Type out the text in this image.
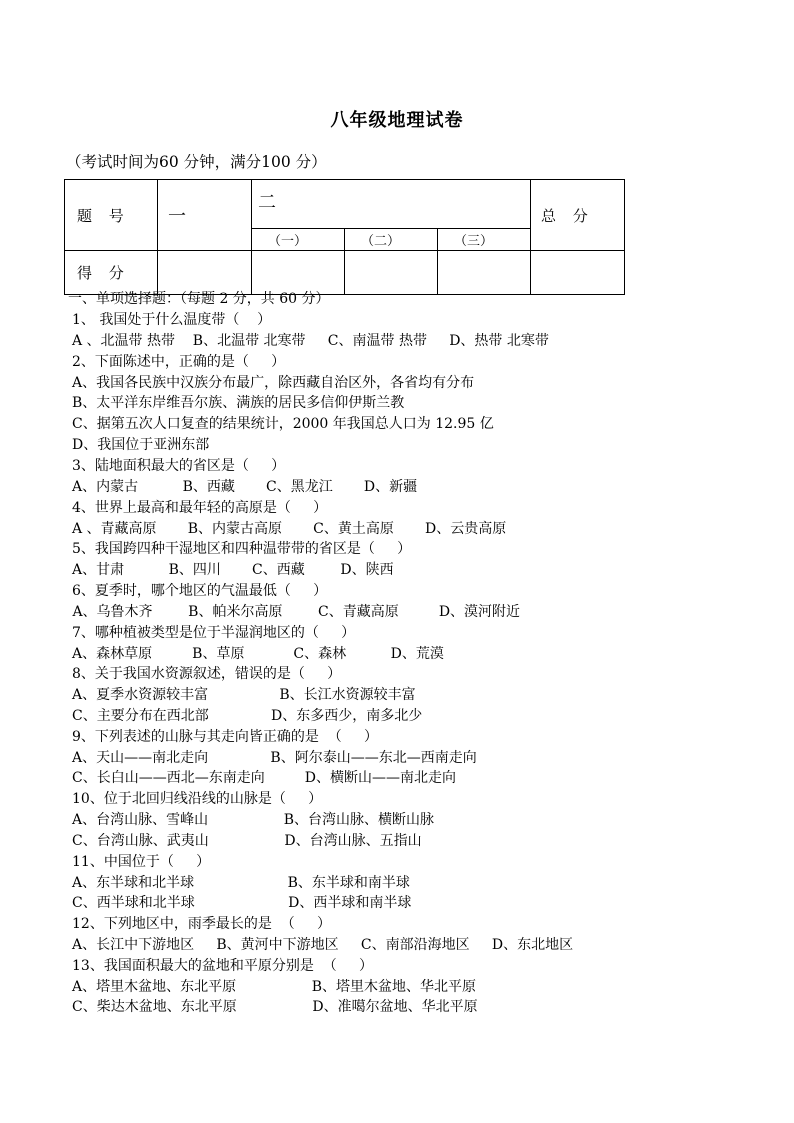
八年级地理试卷
（考试时间为60 分钟，满分100 分）
题 号	一	二			总 分
		（一）	（二）	（三）	
得 分					
一、单项选择题：（每题 2 分，共 60 分）
1、 我国处于什么温度带（    ）
A 、北温带 热带    B、北温带 北寒带     C、南温带 热带     D、热带 北寒带
2、下面陈述中，正确的是（     ）
A、我国各民族中汉族分布最广，除西藏自治区外，各省均有分布
B、太平洋东岸维吾尔族、满族的居民多信仰伊斯兰教
C、据第五次人口复查的结果统计，2000 年我国总人口为 12.95 亿
D、我国位于亚洲东部
3、陆地面积最大的省区是（     ）
A、内蒙古          B、西藏       C、黑龙江       D、新疆
4、世界上最高和最年轻的高原是（     ）
A 、青藏高原       B、内蒙古高原       C、黄土高原       D、云贵高原
5、我国跨四种干湿地区和四种温带带的省区是（     ）
A、甘肃          B、四川       C、西藏        D、陕西
6、夏季时，哪个地区的气温最低（     ）
A、乌鲁木齐        B、帕米尔高原        C、青藏高原         D、漠河附近
7、哪种植被类型是位于半湿润地区的（     ）
A、森林草原         B、草原           C、森林          D、荒漠
8、关于我国水资源叙述，错误的是（     ）
A、夏季水资源较丰富                B、长江水资源较丰富
C、主要分布在西北部              D、东多西少，南多北少
9、下列表述的山脉与其走向皆正确的是  （     ）
A、天山——南北走向              B、阿尔泰山——东北—西南走向
C、长白山——西北—东南走向         D、横断山——南北走向
10、位于北回归线沿线的山脉是（     ）
A、台湾山脉、雪峰山                 B、台湾山脉、横断山脉
C、台湾山脉、武夷山                 D、台湾山脉、五指山
11、中国位于（     ）
A、东半球和北半球                     B、东半球和南半球
C、西半球和北半球                     D、西半球和南半球
12、下列地区中，雨季最长的是  （     ）
A、长江中下游地区     B、黄河中下游地区     C、南部沿海地区     D、东北地区
13、我国面积最大的盆地和平原分别是  （     ）
A、塔里木盆地、东北平原                 B、塔里木盆地、华北平原
C、柴达木盆地、东北平原                 D、准噶尔盆地、华北平原
